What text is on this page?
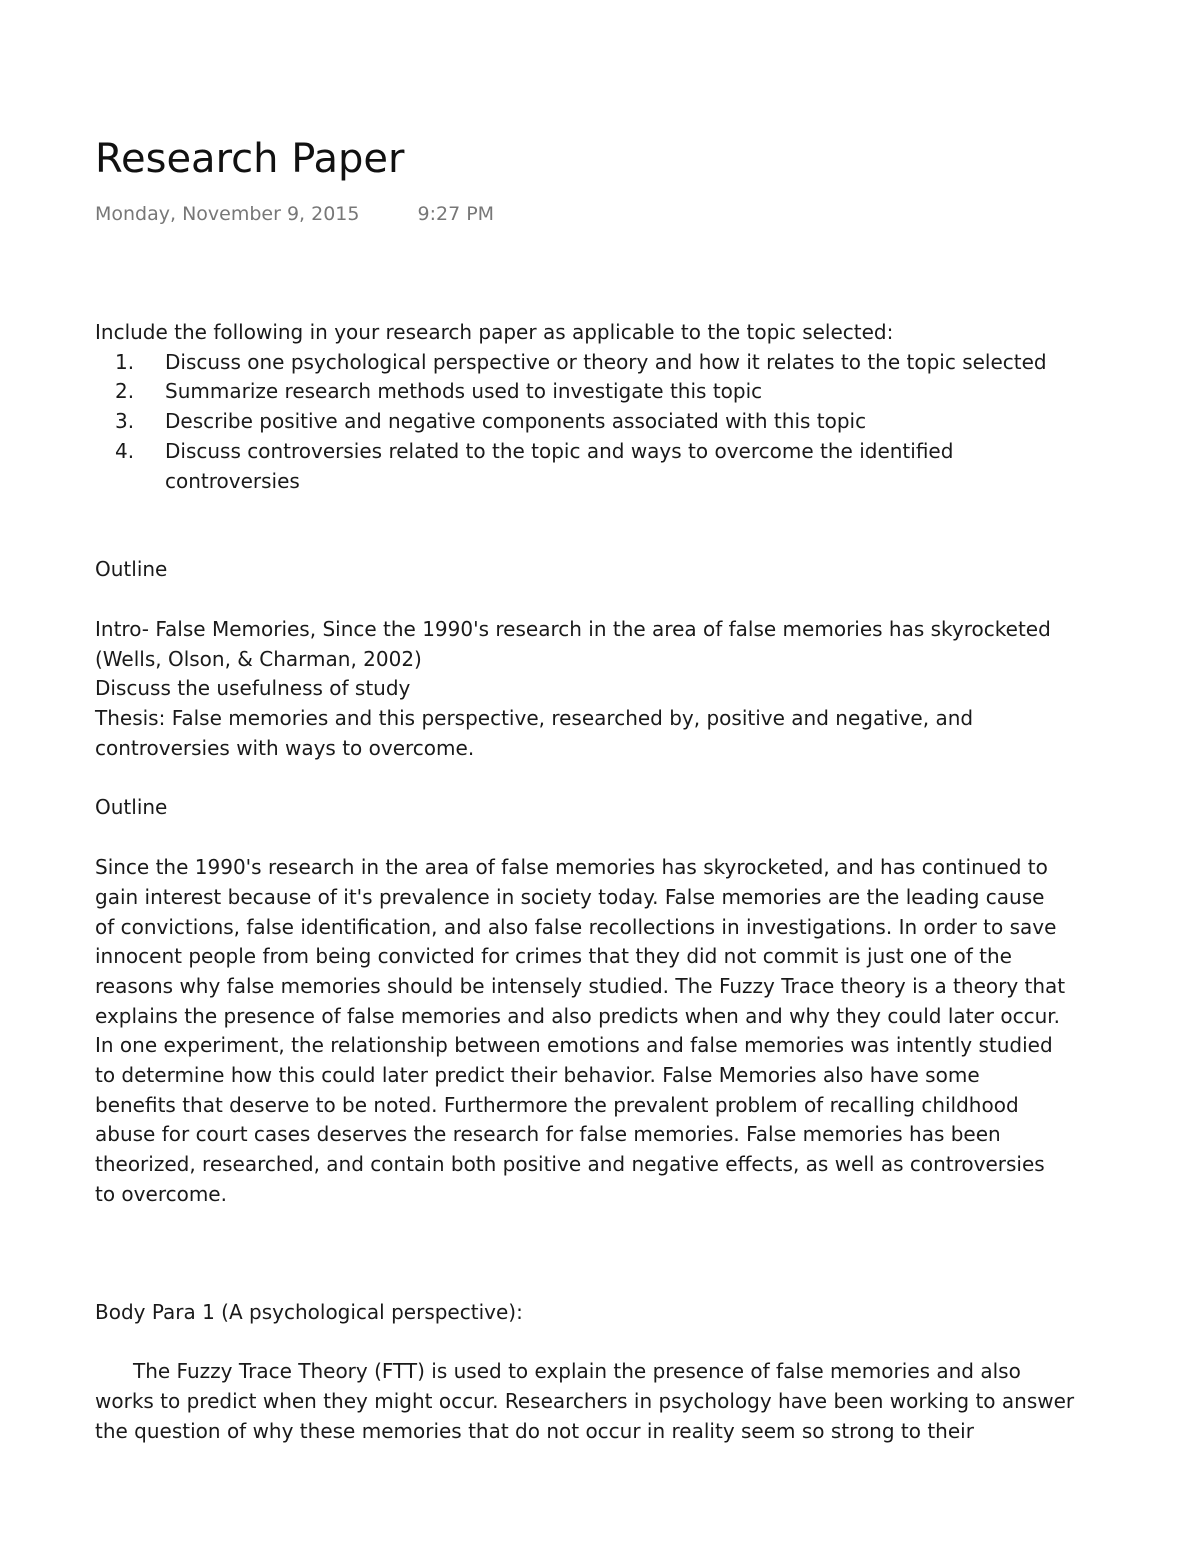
Research Paper
Monday, November 9, 2015	9:27 PM
Include the following in your research paper as applicable to the topic selected:
1. Discuss one psychological perspective or theory and how it relates to the topic selected
2. Summarize research methods used to investigate this topic
3. Describe positive and negative components associated with this topic
4. Discuss controversies related to the topic and ways to overcome the identified
controversies
Outline
Intro- False Memories, Since the 1990's research in the area of false memories has skyrocketed
(Wells, Olson, & Charman, 2002)
Discuss the usefulness of study
Thesis: False memories and this perspective, researched by, positive and negative, and
controversies with ways to overcome.
Outline
Since the 1990's research in the area of false memories has skyrocketed, and has continued to
gain interest because of it's prevalence in society today. False memories are the leading cause
of convictions, false identification, and also false recollections in investigations. In order to save
innocent people from being convicted for crimes that they did not commit is just one of the
reasons why false memories should be intensely studied. The Fuzzy Trace theory is a theory that
explains the presence of false memories and also predicts when and why they could later occur.
In one experiment, the relationship between emotions and false memories was intently studied
to determine how this could later predict their behavior. False Memories also have some
benefits that deserve to be noted. Furthermore the prevalent problem of recalling childhood
abuse for court cases deserves the research for false memories. False memories has been
theorized, researched, and contain both positive and negative effects, as well as controversies
to overcome.
Body Para 1 (A psychological perspective):
The Fuzzy Trace Theory (FTT) is used to explain the presence of false memories and also
works to predict when they might occur. Researchers in psychology have been working to answer
the question of why these memories that do not occur in reality seem so strong to their
